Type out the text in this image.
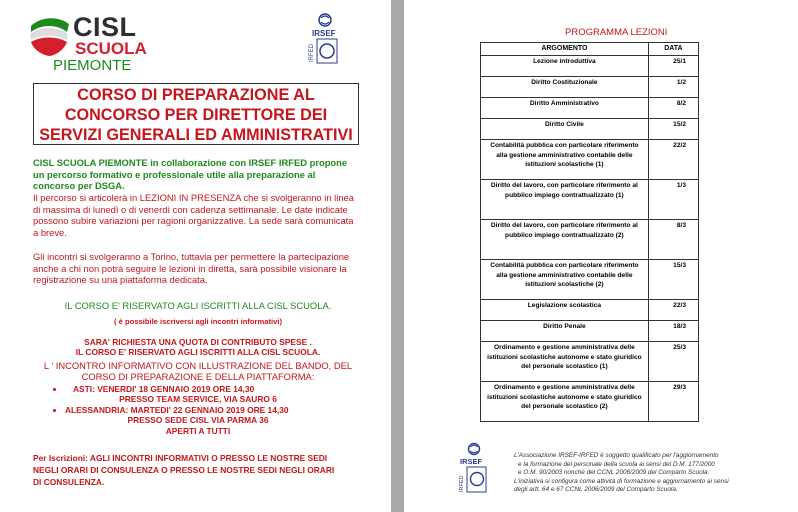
CISL
SCUOLA
PIEMONTE
IRSEF
IRFED
CORSO DI PREPARAZIONE AL
CONCORSO PER DIRETTORE DEI
SERVIZI GENERALI ED AMMINISTRATIVI
CISL SCUOLA PIEMONTE in collaborazione con IRSEF IRFED propone
un percorso formativo e professionale utile alla preparazione al
concorso per DSGA.
Il percorso si articolerà in LEZIONI IN PRESENZA che si svolgeranno in linea
di massima di lunedì o di venerdì con cadenza settimanale. Le date indicate
possono subire variazioni per ragioni organizzative. La sede sarà comunicata
a breve.
Gli incontri si svolgeranno a Torino, tuttavia per permettere la partecipazione
anche a chi non potrà seguire le lezioni in diretta, sarà possibile visionare la
registrazione su una piattaforma dedicata.
IL CORSO E' RISERVATO AGLI ISCRITTI ALLA CISL SCUOLA.
( è possibile iscriversi agli incontri informativi)
SARA' RICHIESTA UNA QUOTA DI CONTRIBUTO SPESE .
IL CORSO E' RISERVATO AGLI ISCRITTI ALLA CISL SCUOLA.
L ' INCONTRO INFORMATIVO CON ILLUSTRAZIONE DEL BANDO, DEL
CORSO DI PREPARAZIONE E DELLA PIATTAFORMA:
• ASTI: VENERDI' 18 GENNAIO 2019 ORE 14,30
PRESSO TEAM SERVICE, VIA SAURO 6
• ALESSANDRIA: MARTEDI' 22 GENNAIO 2019 ORE 14,30
PRESSO SEDE CISL VIA PARMA 36
APERTI A TUTTI
Per Iscrizioni: AGLI INCONTRI INFORMATIVI O PRESSO LE NOSTRE SEDI
NEGLI ORARI DI CONSULENZA O PRESSO LE NOSTRE SEDI NEGLI ORARI
DI CONSULENZA.
PROGRAMMA LEZIONI
ARGOMENTO	DATA
Lezione introduttiva	25/1
Diritto Costituzionale	1/2
Diritto Amministrativo	8/2
Diritto Civile	15/2
Contabilità pubblica con particolare riferimento alla gestione amministrativo contabile delle istituzioni scolastiche (1)	22/2
Diritto del lavoro, con particolare riferimento al pubblico impiego contrattualizzato (1)	1/3
Diritto del lavoro, con particolare riferimento al pubblico impiego contrattualizzato (2)	8/3
Contabilità pubblica con particolare riferimento alla gestione amministrativo contabile delle istituzioni scolastiche (2)	15/3
Legislazione scolastica	22/3
Diritto Penale	18/3
Ordinamento e gestione amministrativa delle istituzioni scolastiche autonome e stato giuridico del personale scolastico (1)	25/3
Ordinamento e gestione amministrativa delle istituzioni scolastiche autonome e stato giuridico del personale scolastico (2)	29/3
IRSEF
IRFED
L'Associazione IRSEF-IRFED è soggetto qualificato per l'aggiornamento
e la formazione del personale della scuola ai sensi del D.M. 177/2000
e O.M. 90/2003 nonché del CCNL 2006/2009 del Comparto Scuola.
L'iniziativa si configura come attività di formazione e aggiornamento ai sensi
degli artt. 64 e 67 CCNL 2006/2009 del Comparto Scuola.
